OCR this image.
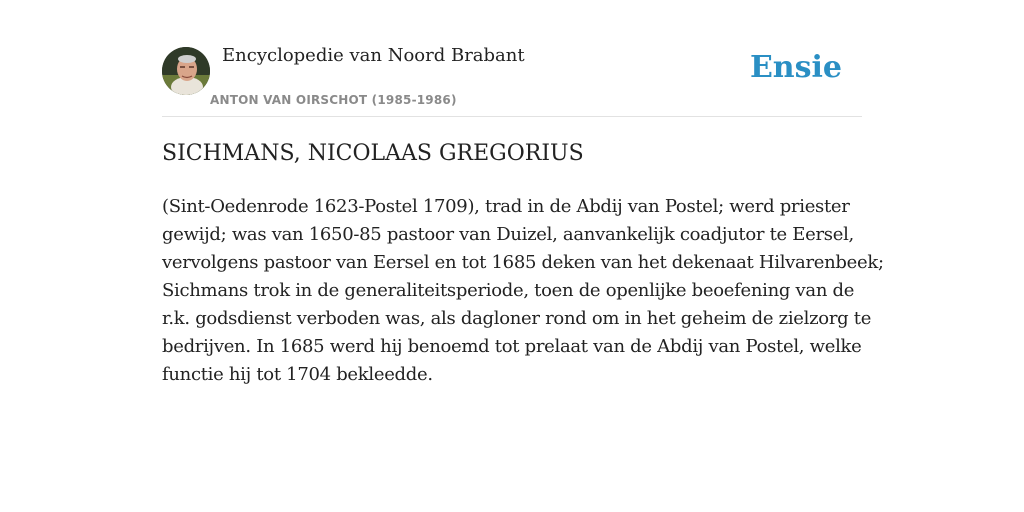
Encyclopedie van Noord Brabant
ANTON VAN OIRSCHOT (1985-1986)
Ensie
SICHMANS, NICOLAAS GREGORIUS

(Sint-Oedenrode 1623-Postel 1709), trad in de Abdij van Postel; werd priester
gewijd; was van 1650-85 pastoor van Duizel, aanvankelijk coadjutor te Eersel,
vervolgens pastoor van Eersel en tot 1685 deken van het dekenaat Hilvarenbeek;
Sichmans trok in de generaliteitsperiode, toen de openlijke beoefening van de
r.k. godsdienst verboden was, als dagloner rond om in het geheim de zielzorg te
bedrijven. In 1685 werd hij benoemd tot prelaat van de Abdij van Postel, welke
functie hij tot 1704 bekleedde.
